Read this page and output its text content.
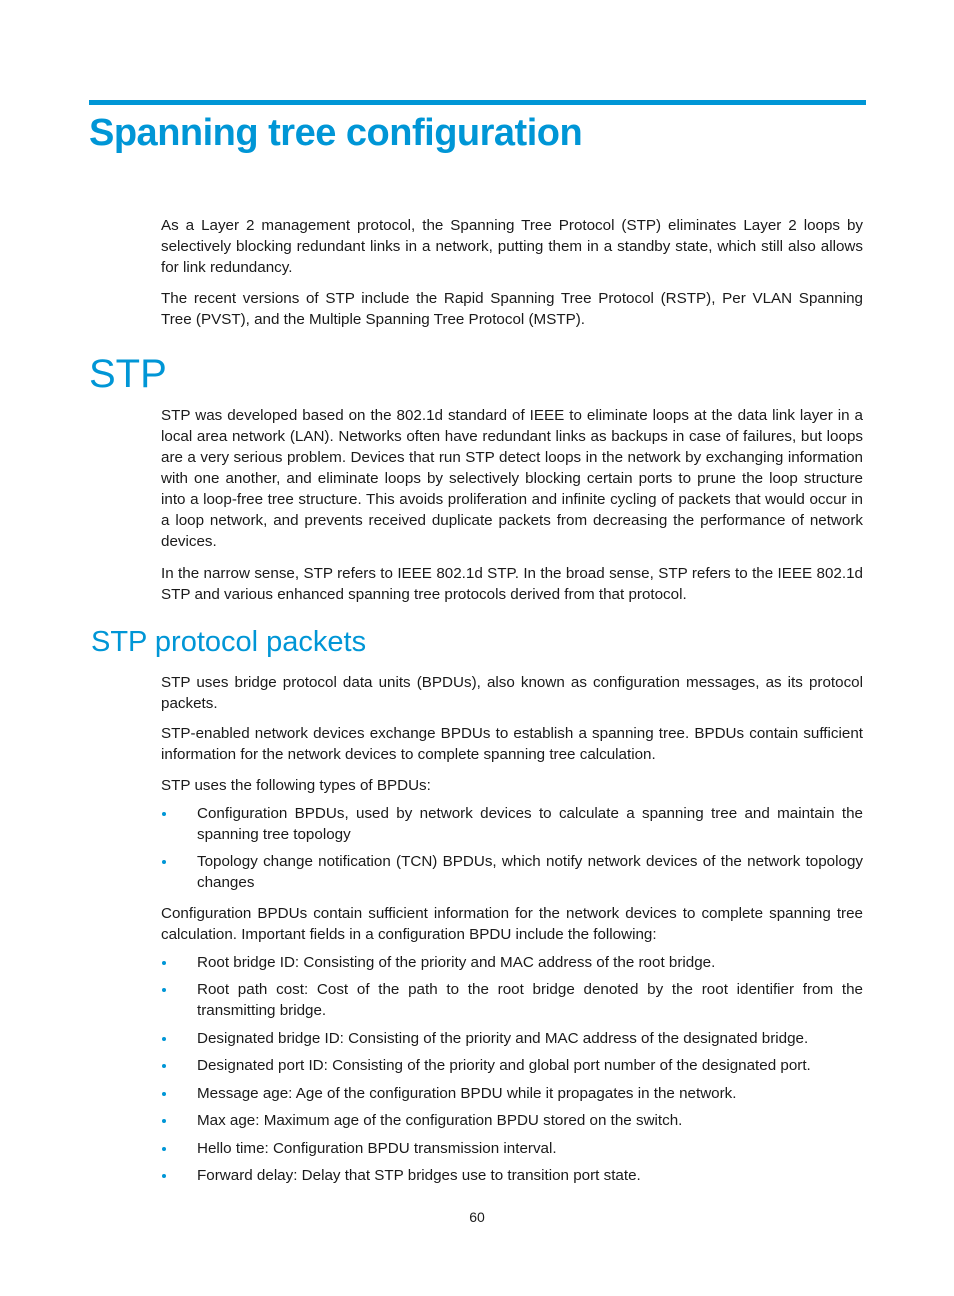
Spanning tree configuration

As a Layer 2 management protocol, the Spanning Tree Protocol (STP) eliminates Layer 2 loops by selectively blocking redundant links in a network, putting them in a standby state, which still also allows for link redundancy.

The recent versions of STP include the Rapid Spanning Tree Protocol (RSTP), Per VLAN Spanning Tree (PVST), and the Multiple Spanning Tree Protocol (MSTP).

STP

STP was developed based on the 802.1d standard of IEEE to eliminate loops at the data link layer in a local area network (LAN). Networks often have redundant links as backups in case of failures, but loops are a very serious problem. Devices that run STP detect loops in the network by exchanging information with one another, and eliminate loops by selectively blocking certain ports to prune the loop structure into a loop-free tree structure. This avoids proliferation and infinite cycling of packets that would occur in a loop network, and prevents received duplicate packets from decreasing the performance of network devices.

In the narrow sense, STP refers to IEEE 802.1d STP. In the broad sense, STP refers to the IEEE 802.1d STP and various enhanced spanning tree protocols derived from that protocol.

STP protocol packets

STP uses bridge protocol data units (BPDUs), also known as configuration messages, as its protocol packets.

STP-enabled network devices exchange BPDUs to establish a spanning tree. BPDUs contain sufficient information for the network devices to complete spanning tree calculation.

STP uses the following types of BPDUs:

Configuration BPDUs, used by network devices to calculate a spanning tree and maintain the spanning tree topology
Topology change notification (TCN) BPDUs, which notify network devices of the network topology changes

Configuration BPDUs contain sufficient information for the network devices to complete spanning tree calculation. Important fields in a configuration BPDU include the following:

Root bridge ID: Consisting of the priority and MAC address of the root bridge.
Root path cost: Cost of the path to the root bridge denoted by the root identifier from the transmitting bridge.
Designated bridge ID: Consisting of the priority and MAC address of the designated bridge.
Designated port ID: Consisting of the priority and global port number of the designated port.
Message age: Age of the configuration BPDU while it propagates in the network.
Max age: Maximum age of the configuration BPDU stored on the switch.
Hello time: Configuration BPDU transmission interval.
Forward delay: Delay that STP bridges use to transition port state.

60
